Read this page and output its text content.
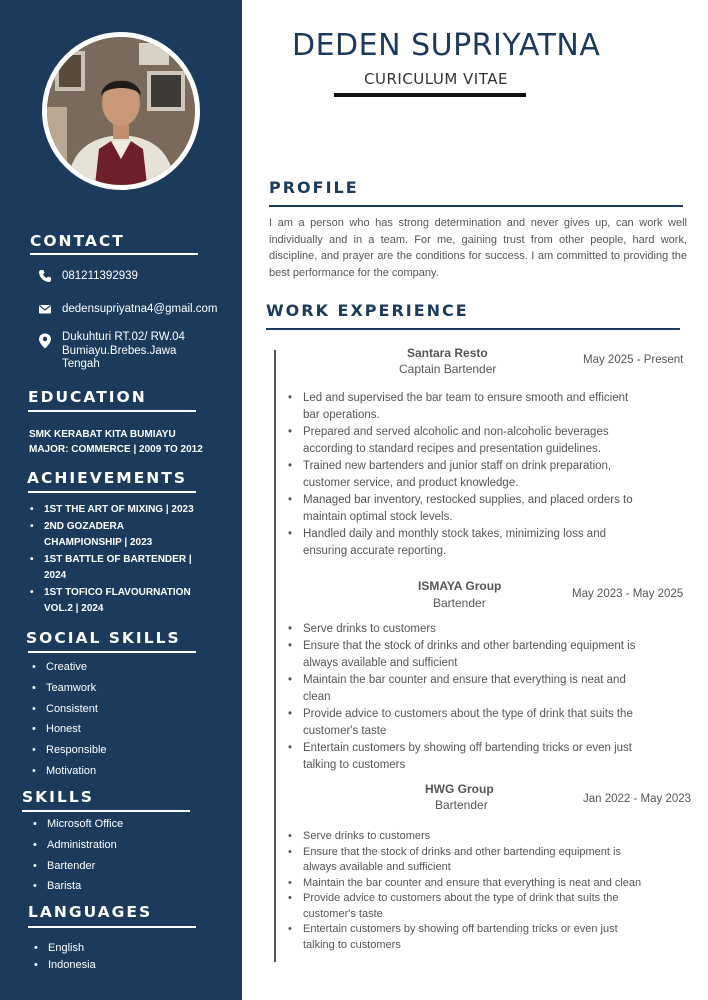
CONTACT
081211392939
dedensupriyatna4@gmail.com
Dukuhturi RT.02/ RW.04
Bumiayu.Brebes.Jawa
Tengah
EDUCATION
SMK KERABAT KITA BUMIAYU
MAJOR: COMMERCE | 2009 TO 2012
ACHIEVEMENTS
• 1ST THE ART OF MIXING | 2023
• 2ND GOZADERA
CHAMPIONSHIP | 2023
• 1ST BATTLE OF BARTENDER |
2024
• 1ST TOFICO FLAVOURNATION
VOL.2 | 2024
SOCIAL SKILLS
• Creative
• Teamwork
• Consistent
• Honest
• Responsible
• Motivation
SKILLS
• Microsoft Office
• Administration
• Bartender
• Barista
LANGUAGES
• English
• Indonesia
DEDEN SUPRIYATNA
CURICULUM VITAE
PROFILE

I am a person who has strong determination and never gives up, can work well individually and in a team. For me, gaining trust from other people, hard work, discipline, and prayer are the conditions for success. I am committed to providing the best performance for the company.

WORK EXPERIENCE
Santara Resto
Captain Bartender
May 2025 - Present
• Led and supervised the bar team to ensure smooth and efficient
bar operations.
• Prepared and served alcoholic and non-alcoholic beverages
according to standard recipes and presentation guidelines.
• Trained new bartenders and junior staff on drink preparation,
customer service, and product knowledge.
• Managed bar inventory, restocked supplies, and placed orders to
maintain optimal stock levels.
• Handled daily and monthly stock takes, minimizing loss and
ensuring accurate reporting.
ISMAYA Group
Bartender
May 2023 - May 2025
• Serve drinks to customers
• Ensure that the stock of drinks and other bartending equipment is
always available and sufficient
• Maintain the bar counter and ensure that everything is neat and
clean
• Provide advice to customers about the type of drink that suits the
customer's taste
• Entertain customers by showing off bartending tricks or even just
talking to customers
HWG Group
Bartender	Jan 2022 - May 2023
• Serve drinks to customers
• Ensure that the stock of drinks and other bartending equipment is
always available and sufficient
• Maintain the bar counter and ensure that everything is neat and clean
• Provide advice to customers about the type of drink that suits the
customer's taste
• Entertain customers by showing off bartending tricks or even just
talking to customers
